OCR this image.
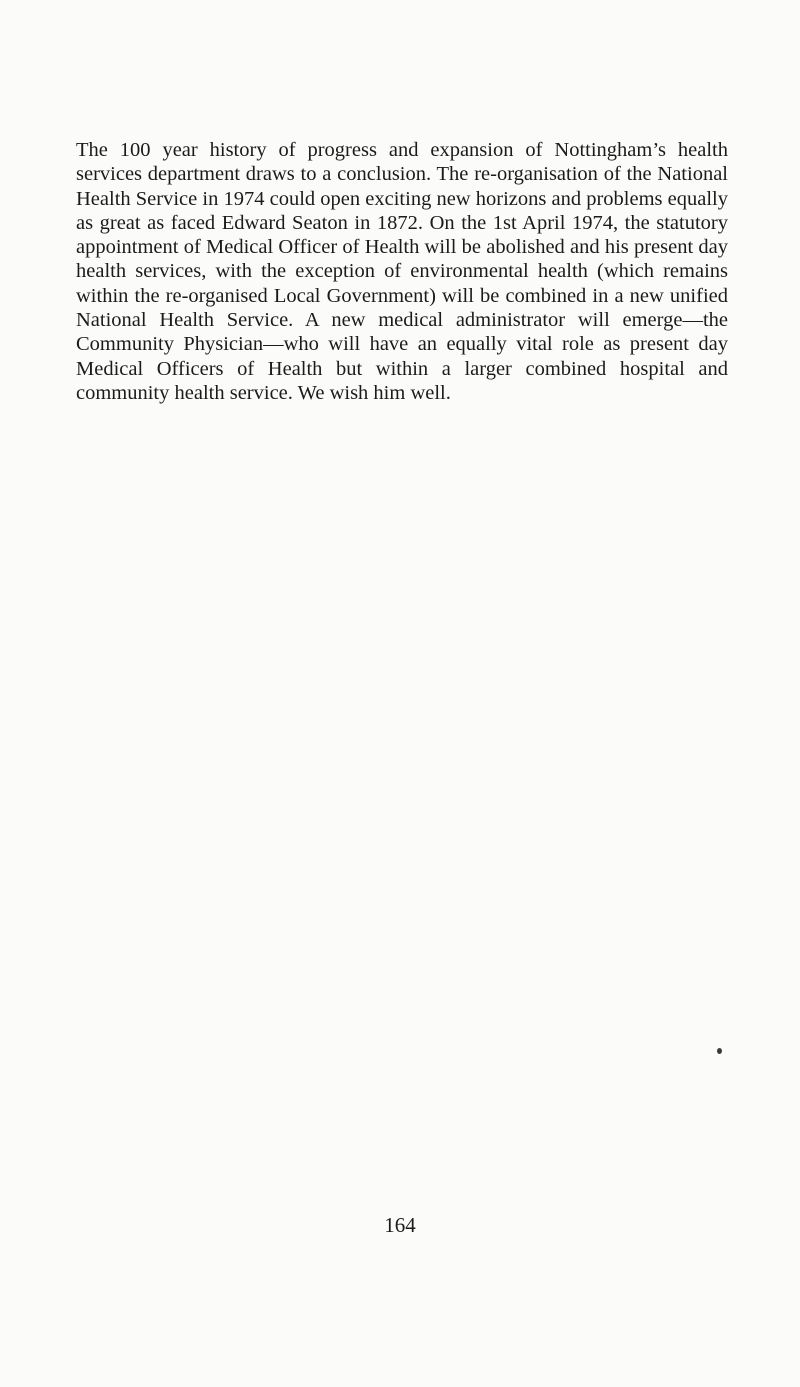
The 100 year history of progress and expansion of Nottingham’s health services department draws to a conclusion. The re-organisation of the National Health Service in 1974 could open exciting new horizons and problems equally as great as faced Edward Seaton in 1872. On the 1st April 1974, the statutory appointment of Medical Officer of Health will be abolished and his present day health services, with the exception of environmental health (which remains within the re-organised Local Government) will be combined in a new unified National Health Service. A new medical administrator will emerge—the Community Physician—who will have an equally vital role as present day Medical Officers of Health but within a larger combined hospital and community health service. We wish him well.

164
